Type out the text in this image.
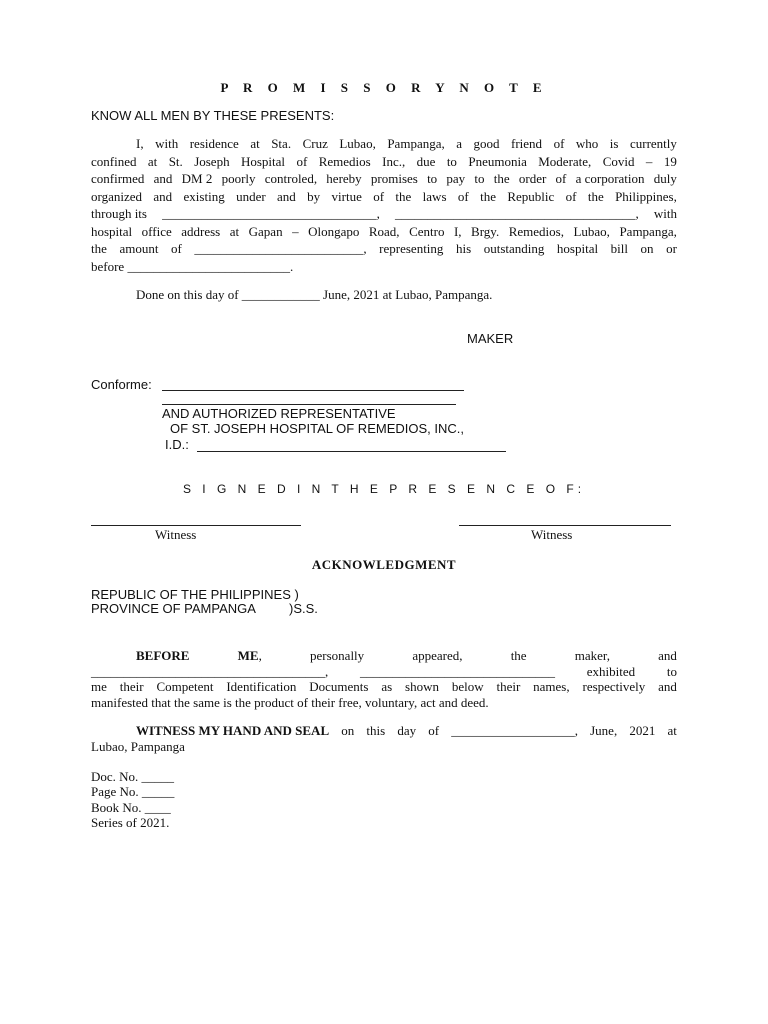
P R O M I S S O R Y N O T E
KNOW ALL MEN BY THESE PRESENTS:
I, with residence at Sta. Cruz Lubao, Pampanga, a good friend of who is currently
confined at St. Joseph Hospital of Remedios Inc., due to Pneumonia Moderate, Covid – 19
confirmed and DM 2 poorly controled, hereby promises to pay to the order of a corporation duly
organized and existing under and by virtue of the laws of the Republic of the Philippines,
through its _________________________________, _____________________________________, with
hospital office address at Gapan – Olongapo Road, Centro I, Brgy. Remedios, Lubao, Pampanga,
the amount of __________________________, representing his outstanding hospital bill on or
before _________________________.
Done on this day of ____________ June, 2021 at Lubao, Pampanga.
MAKER
Conforme:
AND AUTHORIZED REPRESENTATIVE
OF ST. JOSEPH HOSPITAL OF REMEDIOS, INC.,
I.D.:
S I G N E D I N T H E P R E S E N C E O F:
Witness	Witness
ACKNOWLEDGMENT
REPUBLIC OF THE PHILIPPINES )
PROVINCE OF PAMPANGA	)S.S.
BEFORE	ME,	personally	appeared,	the	maker,	and
____________________________________, ______________________________ exhibited to
me their Competent Identification Documents as shown below their names, respectively and
manifested that the same is the product of their free, voluntary, act and deed.
WITNESS MY HAND AND SEAL on this day of ___________________, June, 2021 at
Lubao, Pampanga
Doc. No. _____
Page No. _____
Book No. ____
Series of 2021.
